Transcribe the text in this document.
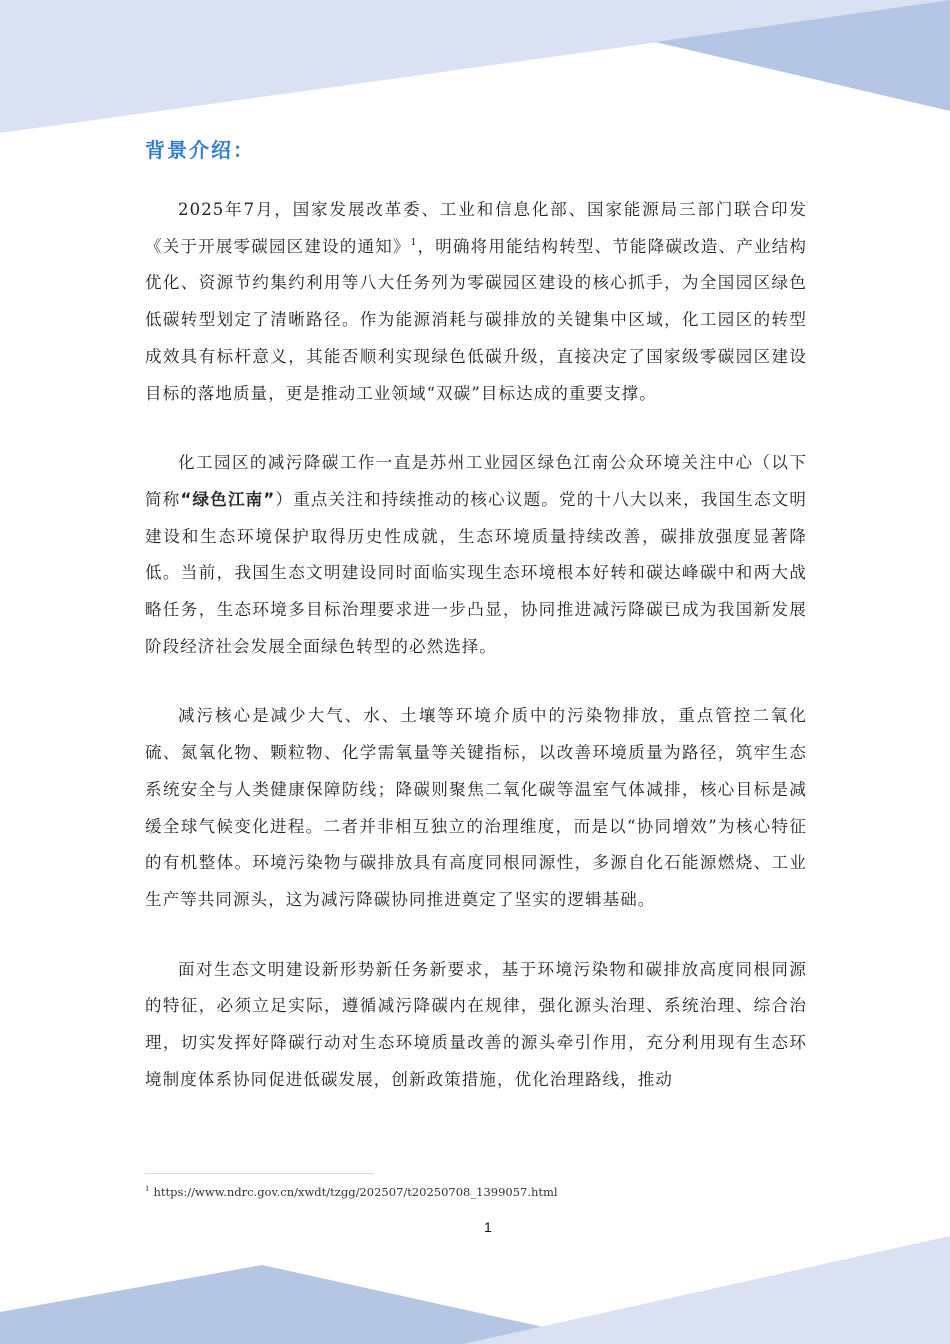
背景介绍：

2025年7月，国家发展改革委、工业和信息化部、国家能源局三部门联合印发《关于开展零碳园区建设的通知》$^1$，明确将用能结构转型、节能降碳改造、产业结构优化、资源节约集约利用等八大任务列为零碳园区建设的核心抓手，为全国园区绿色低碳转型划定了清晰路径。作为能源消耗与碳排放的关键集中区域，化工园区的转型成效具有标杆意义，其能否顺利实现绿色低碳升级，直接决定了国家级零碳园区建设目标的落地质量，更是推动工业领域“双碳”目标达成的重要支撑。

化工园区的减污降碳工作一直是苏州工业园区绿色江南公众环境关注中心（以下简称“绿色江南”）重点关注和持续推动的核心议题。党的十八大以来，我国生态文明建设和生态环境保护取得历史性成就，生态环境质量持续改善，碳排放强度显著降低。当前，我国生态文明建设同时面临实现生态环境根本好转和碳达峰碳中和两大战略任务，生态环境多目标治理要求进一步凸显，协同推进减污降碳已成为我国新发展阶段经济社会发展全面绿色转型的必然选择。

减污核心是减少大气、水、土壤等环境介质中的污染物排放，重点管控二氧化硫、氮氧化物、颗粒物、化学需氧量等关键指标，以改善环境质量为路径，筑牢生态系统安全与人类健康保障防线；降碳则聚焦二氧化碳等温室气体减排，核心目标是减缓全球气候变化进程。二者并非相互独立的治理维度，而是以“协同增效”为核心特征的有机整体。环境污染物与碳排放具有高度同根同源性，多源自化石能源燃烧、工业生产等共同源头，这为减污降碳协同推进奠定了坚实的逻辑基础。

面对生态文明建设新形势新任务新要求，基于环境污染物和碳排放高度同根同源的特征，必须立足实际，遵循减污降碳内在规律，强化源头治理、系统治理、综合治理，切实发挥好降碳行动对生态环境质量改善的源头牵引作用，充分利用现有生态环境制度体系协同促进低碳发展，创新政策措施，优化治理路线，推动

$^1$ https://www.ndrc.gov.cn/xwdt/tzgg/202507/t20250708_1399057.html
1
